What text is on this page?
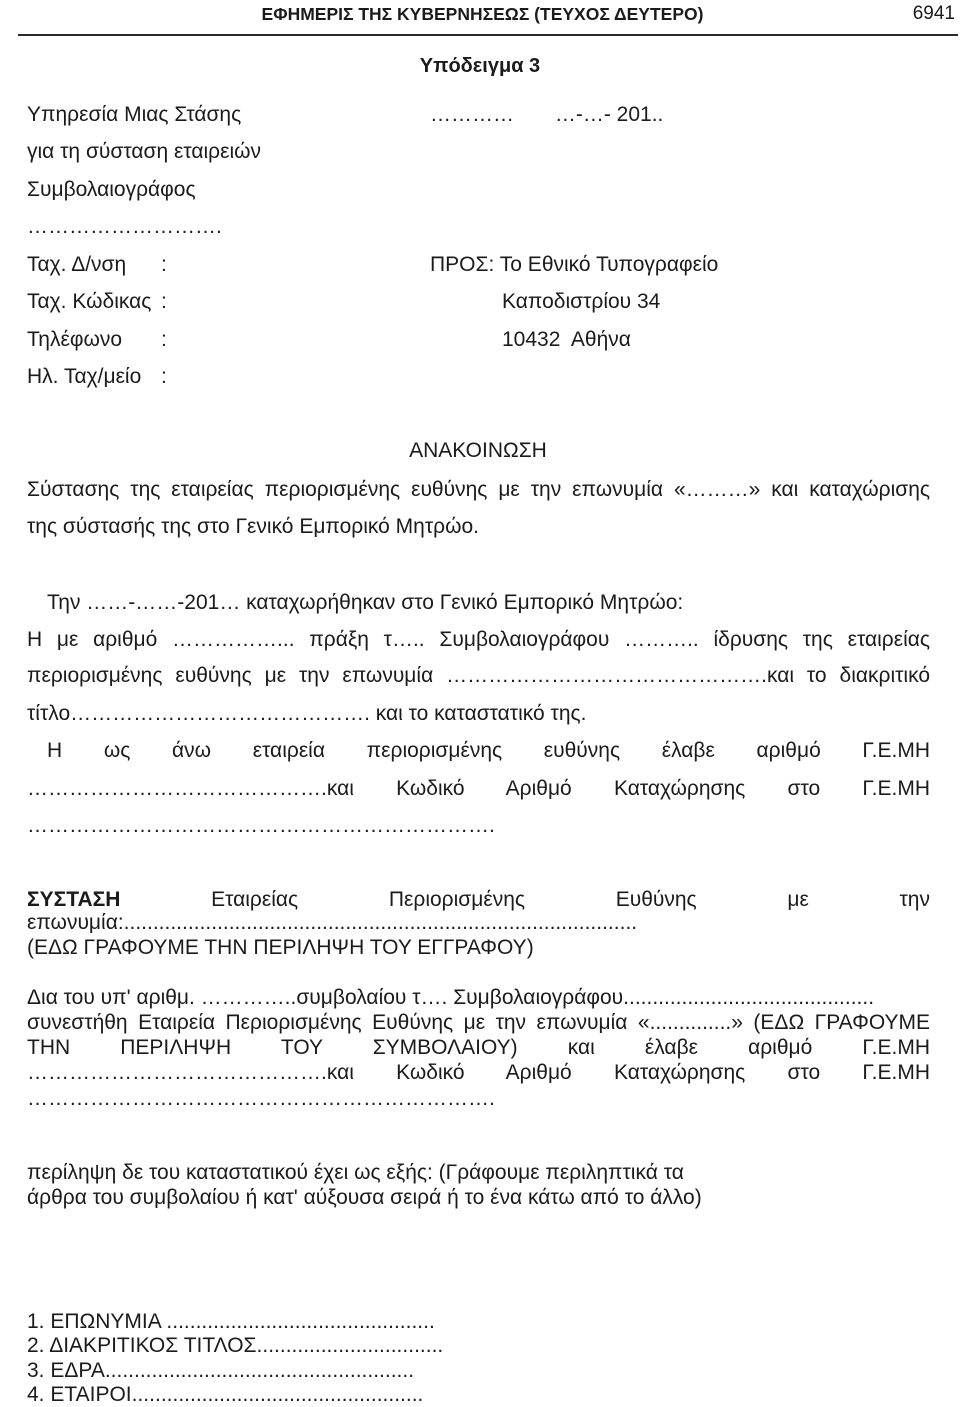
ΕΦΗΜΕΡΙΣ ΤΗΣ ΚΥΒΕΡΝΗΣΕΩΣ (ΤΕΥΧΟΣ ΔΕΥΤΕΡΟ)	6941
Υπόδειγμα 3
Υπηρεσία Μιας Στάσης	…………       …-…- 201..
για τη σύσταση εταιρειών
Συμβολαιογράφος
……………………….
Ταχ. Δ/νση :	ΠΡΟΣ: Το Εθνικό Τυπογραφείο
Ταχ. Κώδικας :	Καποδιστρίου 34
Τηλέφωνο :	10432  Αθήνα
Ηλ. Ταχ/μείο :
ΑΝΑΚΟΙΝΩΣΗ
Σύστασης της εταιρείας περιορισμένης ευθύνης με την επωνυμία «………» και καταχώρισης
της σύστασής της στο Γενικό Εμπορικό Μητρώο.
Την ……-……-201… καταχωρήθηκαν στο Γενικό Εμπορικό Μητρώο:
Η με αριθμό ……………... πράξη τ….. Συμβολαιογράφου ……….. ίδρυσης της εταιρείας
περιορισμένης ευθύνης με την επωνυμία ……………………………………….και το διακριτικό
τίτλο……………………………………. και το καταστατικό της.
Η ως άνω εταιρεία περιορισμένης ευθύνης έλαβε αριθμό Γ.Ε.ΜΗ
…………………………………….και Κωδικό Αριθμό Καταχώρησης στο Γ.Ε.ΜΗ
………………………………………………………….
ΣΥΣΤΑΣΗ	Εταιρείας Περιορισμένης Ευθύνης με την
επωνυμία:........................................................................................
(ΕΔΩ ΓΡΑΦΟΥΜΕ ΤΗΝ ΠΕΡΙΛΗΨΗ ΤΟΥ ΕΓΓΡΑΦΟΥ)
Δια του υπ' αριθμ. …………..συμβολαίου τ…. Συμβολαιογράφου...........................................
συνεστήθη Εταιρεία Περιορισμένης Ευθύνης με την επωνυμία «..............» (ΕΔΩ ΓΡΑΦΟΥΜΕ
ΤΗΝ ΠΕΡΙΛΗΨΗ ΤΟΥ ΣΥΜΒΟΛΑΙΟΥ) και έλαβε αριθμό Γ.Ε.ΜΗ
…………………………………….και Κωδικό Αριθμό Καταχώρησης στο Γ.Ε.ΜΗ
………………………………………………………….
περίληψη δε του καταστατικού έχει ως εξής: (Γράφουμε περιληπτικά τα
άρθρα του συμβολαίου ή κατ' αύξουσα σειρά ή το ένα κάτω από το άλλο)
1. ΕΠΩΝΥΜΙΑ ..............................................
2. ΔΙΑΚΡΙΤΙΚΟΣ ΤΙΤΛΟΣ................................
3. ΕΔΡΑ.....................................................
4. ΕΤΑΙΡΟΙ..................................................
